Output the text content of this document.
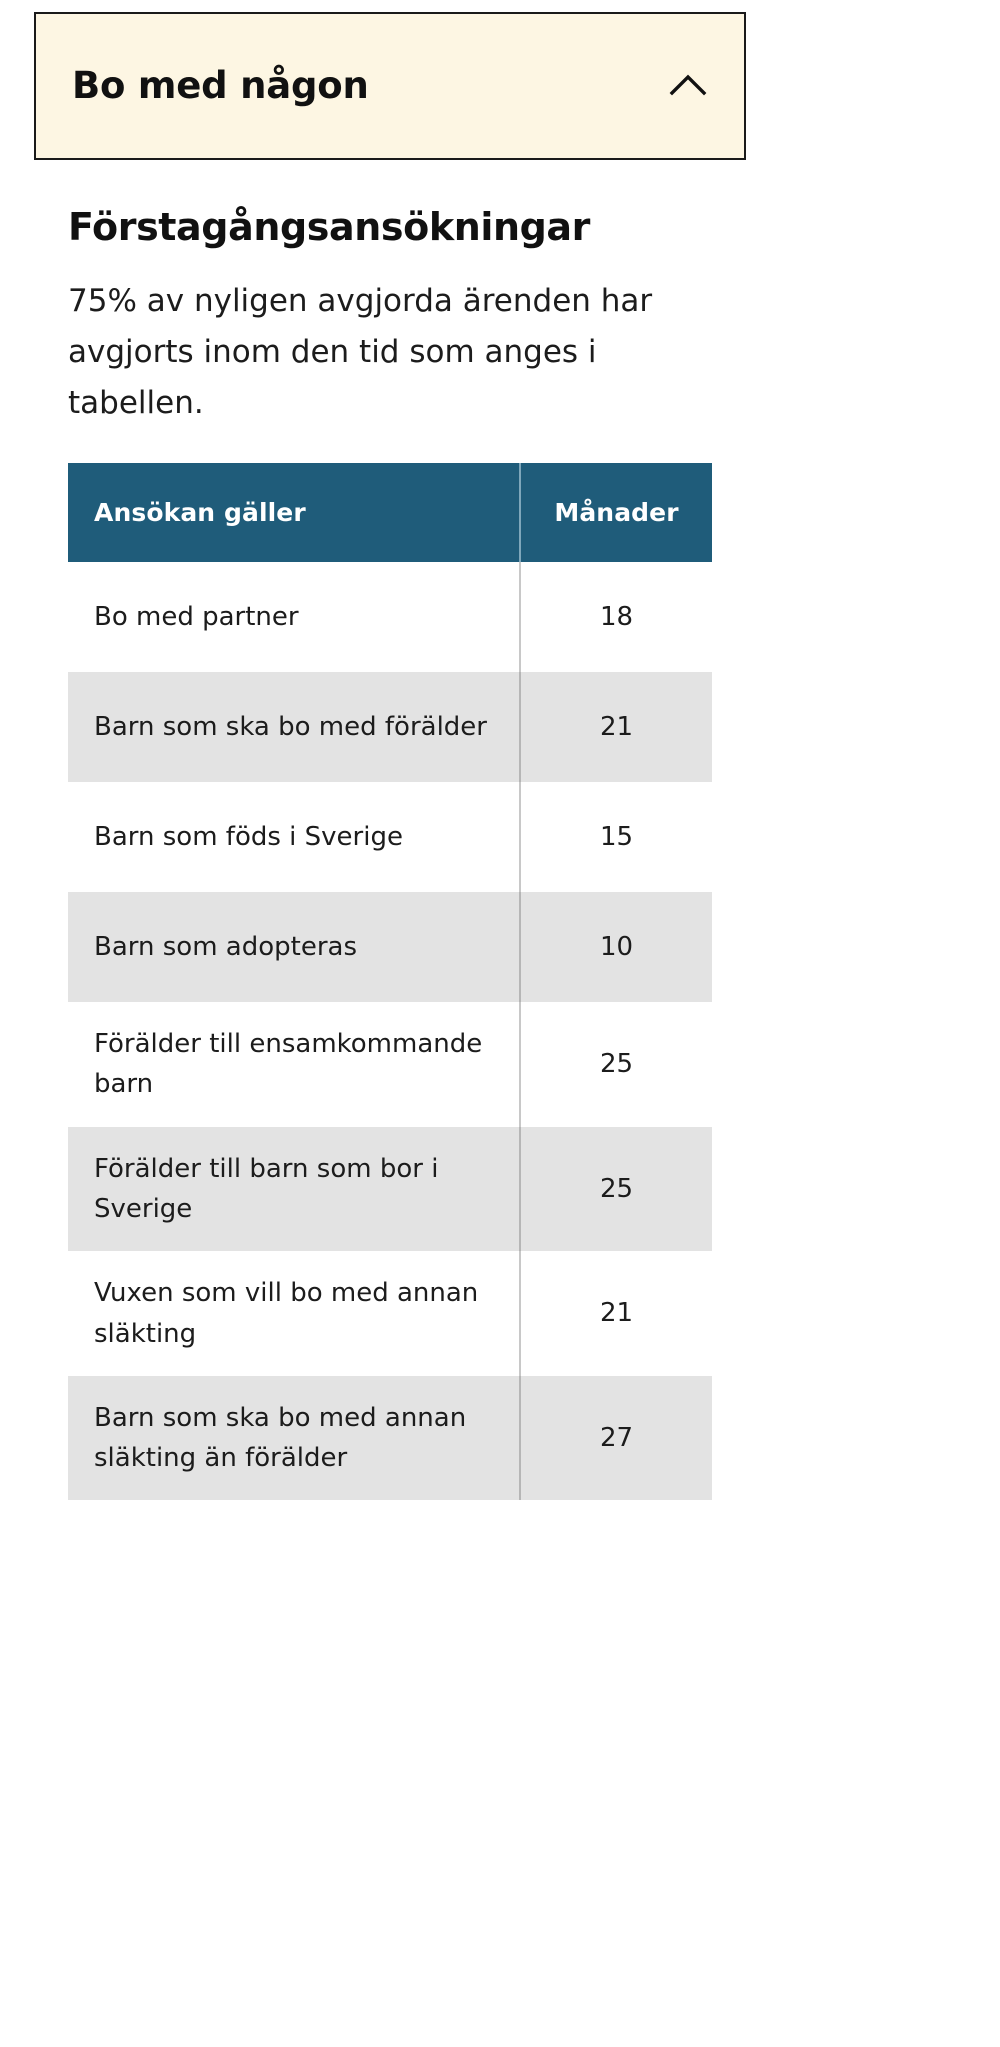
Bo med någon
Förstagångsansökningar

75% av nyligen avgjorda ärenden har avgjorts inom den tid som anges i tabellen.

Ansökan gäller	Månader
Bo med partner	18
Barn som ska bo med förälder	21
Barn som föds i Sverige	15
Barn som adopteras	10
Förälder till ensamkommande barn	25
Förälder till barn som bor i Sverige	25
Vuxen som vill bo med annan släkting	21
Barn som ska bo med annan släkting än förälder	27
